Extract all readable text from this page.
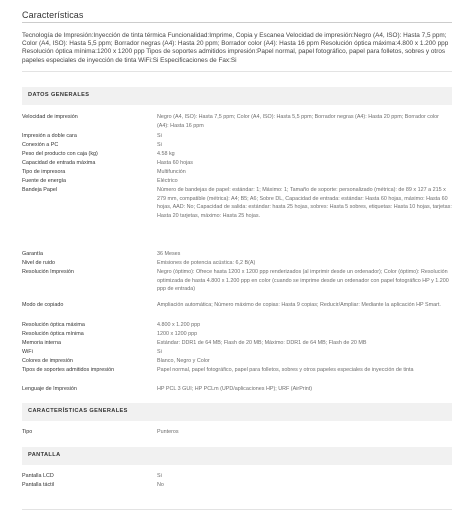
Características
Tecnología de Impresión:Inyección de tinta térmica Funcionalidad:Imprime, Copia y Escanea Velocidad de impresión:Negro (A4, ISO): Hasta 7,5 ppm; Color (A4, ISO): Hasta 5,5 ppm; Borrador negras (A4): Hasta 20 ppm; Borrador color (A4): Hasta 16 ppm Resolución óptica máxima:4.800 x 1.200 ppp Resolución óptica mínima:1200 x 1200 ppp Tipos de soportes admitidos impresión:Papel normal, papel fotográfico, papel para folletos, sobres y otros papeles especiales de inyección de tinta WiFi:Si Especificaciones de Fax:Si
DATOS GENERALES
Velocidad de impresión	Negro (A4, ISO): Hasta 7,5 ppm; Color (A4, ISO): Hasta 5,5 ppm; Borrador negras (A4): Hasta 20 ppm; Borrador color (A4): Hasta 16 ppm
Impresión a doble cara	Si
Conexión a PC	Si
Peso del producto con caja (kg)	4.58 kg
Capacidad de entrada máxima	Hasta 60 hojas
Tipo de impresora	Multifunción
Fuente de energía	Eléctrico
Bandeja Papel	Número de bandejas de papel: estándar: 1; Máximo: 1; Tamaño de soporte: personalizado (métrica): de 89 x 127 a 215 x 279 mm, compatible (métrica): A4; B5; A6; Sobre DL, Capacidad de entrada: estándar: Hasta 60 hojas, máximo: Hasta 60 hojas, AAD: No; Capacidad de salida: estándar: hasta 25 hojas, sobres: Hasta 5 sobres, etiquetas: Hasta 10 hojas, tarjetas: Hasta 20 tarjetas, máximo: Hasta 25 hojas.
Garantía	36 Meses
Nivel de ruido	Emisiones de potencia acústica: 6,2 B(A)
Resolución Impresión	Negro (óptimo): Ofrece hasta 1200 x 1200 ppp renderizados (al imprimir desde un ordenador); Color (óptimo): Resolución optimizada de hasta 4.800 x 1.200 ppp en color (cuando se imprime desde un ordenador con papel fotográfico HP y 1.200 ppp de entrada)
Modo de copiado	Ampliación automática; Número máximo de copias: Hasta 9 copias; Reducir/Ampliar: Mediante la aplicación HP Smart.
Resolución óptica máxima	4.800 x 1.200 ppp
Resolución óptica mínima	1200 x 1200 ppp
Memoria interna	Estándar: DDR1 de 64 MB; Flash de 20 MB; Máximo: DDR1 de 64 MB; Flash de 20 MB
WiFi	Si
Colores de impresión	Blanco, Negro y Color
Tipos de soportes admitidos impresión	Papel normal, papel fotográfico, papel para folletos, sobres y otros papeles especiales de inyección de tinta
Lenguaje de Impresión	HP PCL 3 GUI; HP PCLm (UPD/aplicaciones HP); URF (AirPrint)
CARACTERÍSTICAS GENERALES
Tipo	Punteros
PANTALLA
Pantalla LCD	Si
Pantalla táctil	No
